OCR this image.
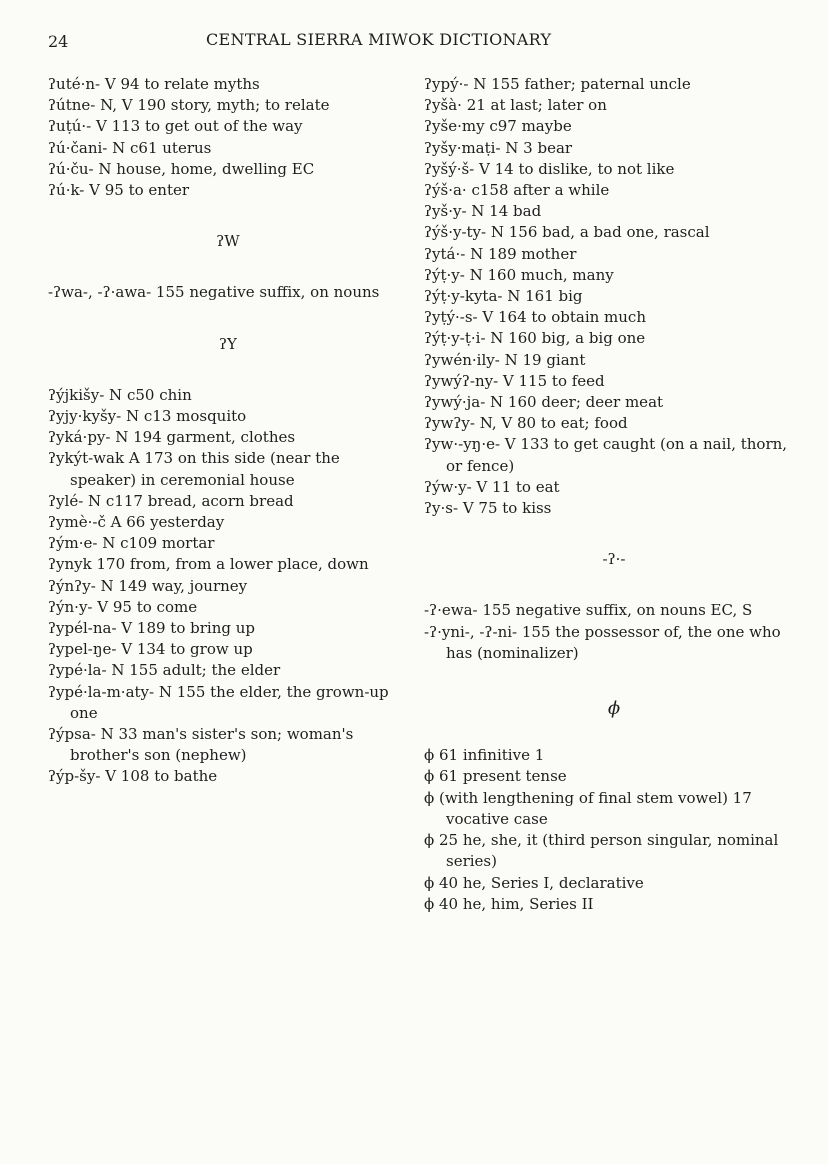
24	CENTRAL SIERRA MIWOK DICTIONARY
ʔuté·n- V 94 to relate myths
ʔútne- N, V 190 story, myth; to relate
ʔuṭú·- V 113 to get out of the way
ʔú·čani- N c61 uterus
ʔú·ču- N house, home, dwelling EC
ʔú·k- V 95 to enter
ʔW
-ʔwa-, -ʔ·awa- 155 negative suffix, on nouns
ʔY
ʔýjkišy- N c50 chin
ʔyjy·kyšy- N c13 mosquito
ʔyká·py- N 194 garment, clothes
ʔykýt-wak A 173 on this side (near the speaker) in ceremonial house
ʔylé- N c117 bread, acorn bread
ʔymè·-č A 66 yesterday
ʔým·e- N c109 mortar
ʔynyk 170 from, from a lower place, down
ʔýnʔy- N 149 way, journey
ʔýn·y- V 95 to come
ʔypél-na- V 189 to bring up
ʔypel-ŋe- V 134 to grow up
ʔypé·la- N 155 adult; the elder
ʔypé·la-m·aty- N 155 the elder, the grown-up one
ʔýpsa- N 33 man's sister's son; woman's brother's son (nephew)
ʔýp-šy- V 108 to bathe
ʔypý·- N 155 father; paternal uncle
ʔyšà· 21 at last; later on
ʔyše·my c97 maybe
ʔyšy·maṭi- N 3 bear
ʔyšý·š- V 14 to dislike, to not like
ʔýš·a· c158 after a while
ʔyš·y- N 14 bad
ʔýš·y-ty- N 156 bad, a bad one, rascal
ʔytá·- N 189 mother
ʔýṭ·y- N 160 much, many
ʔýṭ·y-kyta- N 161 big
ʔyṭý·-s- V 164 to obtain much
ʔýṭ·y-ṭ·i- N 160 big, a big one
ʔywén·ily- N 19 giant
ʔywýʔ-ny- V 115 to feed
ʔywý·ja- N 160 deer; deer meat
ʔywʔy- N, V 80 to eat; food
ʔyw·-yŋ·e- V 133 to get caught (on a nail, thorn, or fence)
ʔýw·y- V 11 to eat
ʔy·s- V 75 to kiss
-ʔ·-
-ʔ·ewa- 155 negative suffix, on nouns EC, S
-ʔ·yni-, -ʔ-ni- 155 the possessor of, the one who has (nominalizer)
ϕ
ϕ 61 infinitive 1
ϕ 61 present tense
ϕ (with lengthening of final stem vowel) 17 vocative case
ϕ 25 he, she, it (third person singular, nominal series)
ϕ 40 he, Series I, declarative
ϕ 40 he, him, Series II
